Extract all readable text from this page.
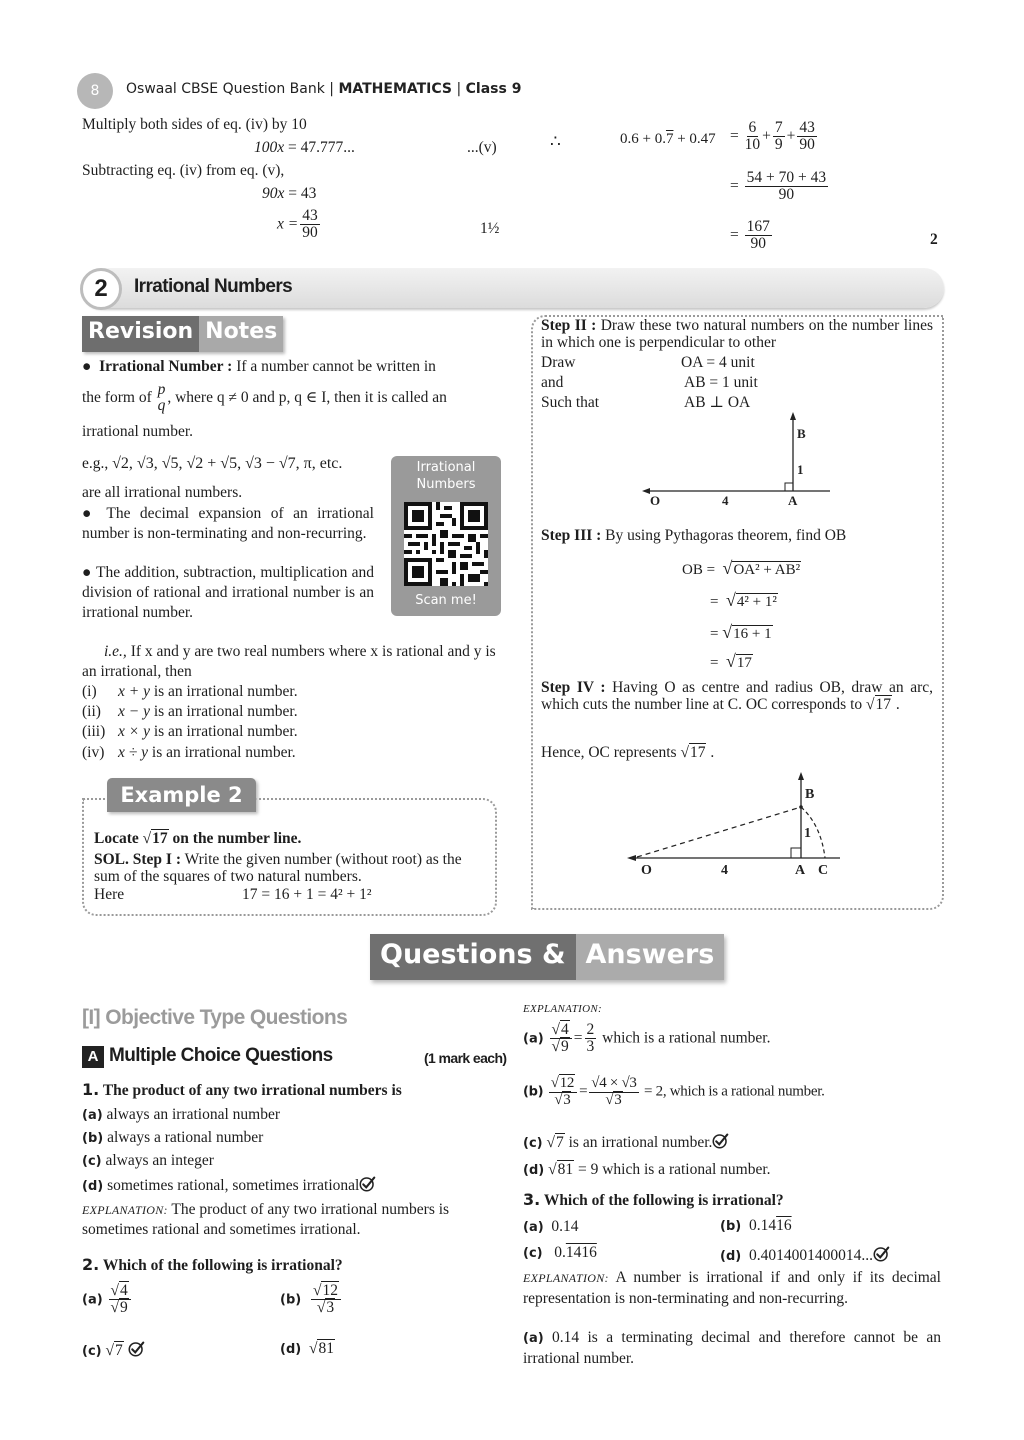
8	Oswaal CBSE Question Bank | MATHEMATICS | Class 9
Multiply both sides of eq. (iv) by 10
100x = 47.777...	...(v)
Subtracting eq. (iv) from eq. (v),
90x = 43
$x = \frac{43}{90}$	1½
∴	$0.6 + 0.7 + 0.47 = \frac{6}{10} + \frac{7}{9} + \frac{43}{90}$
= $\frac{54 + 70 + 43}{90}$
= $\frac{167}{90}$	2
2	Irrational Numbers
Revision Notes
● Irrational Number : If a number cannot be written in
the form of p
q , where q ≠ 0 and p, q ∈ I, then it is called an
irrational number.
e.g., √2, √3, √5, √2 + √5, √3 − √7, π, etc.
are all irrational numbers.
● The decimal expansion of an irrational number is non-terminating and non-recurring.
● The addition, subtraction, multiplication and division of rational and irrational number is an irrational number.
Irrational
Numbers
Scan me!
i.e., If x and y are two real numbers where x is rational and y is an irrational, then
(i) x + y is an irrational number.
(ii) x − y is an irrational number.
(iii) x × y is an irrational number.
(iv) x ÷ y is an irrational number.
Example 2
Locate √17 on the number line.
SOL. Step I : Write the given number (without root) as the sum of the squares of two natural numbers.
Here	17 = 16 + 1 = 4² + 1²
Step II : Draw these two natural numbers on the number lines in which one is perpendicular to other
Draw	OA = 4 unit
and	AB = 1 unit
Such that	AB ⊥ OA
O	4	A
B
1
Step III : By using Pythagoras theorem, find OB
OB = √OA² + AB²
= √4² + 1²
= √16 + 1
= √17
Step IV : Having O as centre and radius OB, draw an arc, which cuts the number line at C. OC corresponds to √17 .
Hence, OC represents √17 .
O	4	A C
B
1
Questions & Answers
[I] Objective Type Questions
A Multiple Choice Questions	(1 mark each)
1. The product of any two irrational numbers is
(a) always an irrational number
(b) always a rational number
(c) always an integer
(d) sometimes rational, sometimes irrational
EXPLANATION: The product of any two irrational numbers is sometimes rational and sometimes irrational.
2. Which of the following is irrational?
$(a) \frac{√4}{√9}$	$(b) \frac{√12}{√3}$
(c) √7	(d) √81
EXPLANATION:
$(a) \frac{√4}{√9} = \frac{2}{3}$ which is a rational number.
$(b) \frac{√12}{√3} = \frac{√4 \times √3}{√3} = 2$, which is a rational number.
(c) √7 is an irrational number.
(d) √81 = 9 which is a rational number.
3. Which of the following is irrational?
(a) 0.14	(b) 0.1416
(c) 0.1416	(d) 0.4014001400014...
EXPLANATION: A number is irrational if and only if its decimal representation is non-terminating and non-recurring.
(a) 0.14 is a terminating decimal and therefore cannot be an irrational number.
